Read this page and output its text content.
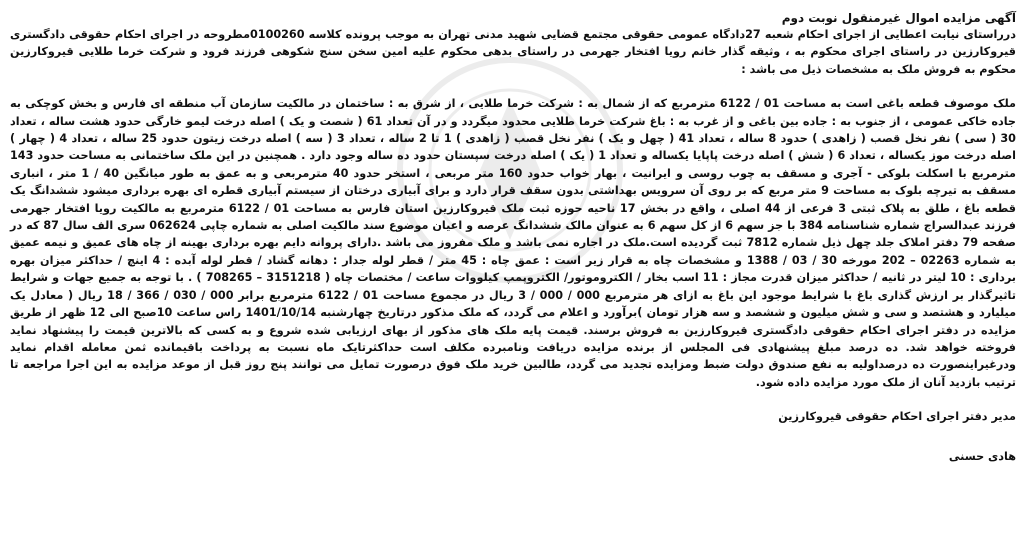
آگهی مزایده اموال غیرمنقول نوبت دوم

درراستای نیابت اعطایی از اجرای احکام شعبه 27دادگاه عمومی حقوقی مجتمع قضایی شهید مدنی تهران به موجب پرونده کلاسه 0100260مطروحه در اجرای احکام حقوقی دادگستری قیروکارزین در راستای اجرای محکوم به ، وثیقه گذار خانم رویا افتخار جهرمی در راستای بدهی محکوم علیه امین سخن سنج شکوهی فرزند فرود و شرکت خرما طلایی قیروکارزین محکوم به فروش ملک به مشخصات ذیل می باشد :

ملک موصوف قطعه باغی است به مساحت 01 / 6122 مترمربع که از شمال به : شرکت خرما طلایی ، از شرق به : ساختمان در مالکیت سازمان آب منطقه ای فارس و بخش کوچکی به جاده خاکی عمومی ، از جنوب به : جاده بین باغی و از غرب به : باغ شرکت خرما طلایی محدود میگردد و در آن تعداد 61 ( شصت و یک ) اصله درخت لیمو خارگی حدود هشت ساله ، تعداد 30 ( سی ) نفر نخل قصب ( زاهدی ) حدود 8 ساله ، تعداد 41 ( چهل و یک ) نفر نخل قصب ( زاهدی ) 1 تا 2 ساله ، تعداد 3 ( سه ) اصله درخت زیتون حدود 25 ساله ، تعداد 4 ( چهار ) اصله درخت موز یکساله ، تعداد 6 ( شش ) اصله درخت پاپایا یکساله و تعداد 1 ( یک ) اصله درخت سپستان حدود ده ساله وجود دارد . همچنین در این ملک ساختمانی به مساحت حدود 143 مترمربع با اسکلت بلوکی - آجری و مسقف به چوب روسی و ایرانیت ، بهار خواب حدود 160 متر مربعی ، استخر حدود 40 مترمربعی و به عمق به طور میانگین 40 / 1 متر ، انباری مسقف به تیرچه بلوک به مساحت 9 متر مربع که بر روی آن سرویس بهداشتی بدون سقف قرار دارد و برای آبیاری درختان از سیستم آبیاری قطره ای بهره برداری میشود ششدانگ یک قطعه باغ ، طلق به پلاک ثبتی 3 فرعی از 44 اصلی ، واقع در بخش 17 ناحیه حوزه ثبت ملک قیروکارزین استان فارس به مساحت 01 / 6122 مترمربع به مالکیت رویا افتخار جهرمی فرزند عبدالسراج شماره شناسنامه 384 با جز سهم 6 از کل سهم 6 به عنوان مالک ششدانگ عرصه و اعیان موضوع سند مالکیت اصلی به شماره چاپی 062624 سری الف سال 87 که در صفحه 79 دفتر املاک جلد چهل ذیل شماره 7812 ثبت گردیده است.ملک در اجاره نمی باشد و ملک مفروز می باشد .دارای پروانه دایم بهره برداری بهینه از چاه های عمیق و نیمه عمیق به شماره 02263 – 202 مورخه 30 / 03 / 1388 و مشخصات چاه به قرار زیر است : عمق چاه : 45 متر / قطر لوله جدار : دهانه گشاد / قطر لوله آبده : 4 اینچ / حداکثر میزان بهره برداری : 10 لیتر در ثانیه / حداکثر میزان قدرت مجاز : 11 اسب بخار / الکتروموتور/ الکتروپمپ کیلووات ساعت / مختصات چاه ( 3151218 – 708265 ) . با توجه به جمیع جهات و شرایط تاثیرگذار بر ارزش گذاری باغ با شرایط موجود این باغ به ازای هر مترمربع 000 / 000 / 3 ریال در مجموع مساحت 01 / 6122 مترمربع برابر 000 / 030 / 366 / 18 ریال ( معادل یک میلیارد و هشتصد و سی و شش میلیون و ششصد و سه هزار تومان )برآورد و اعلام می گردد، که ملک مذکور درتاریخ چهارشنبه 1401/10/14 راس ساعت 10صبح الی 12 ظهر از طریق مزایده در دفتر اجرای احکام حقوقی دادگستری قیروکارزین به فروش برسند. قیمت پایه ملک های مذکور از بهای ارزیابی شده شروع و به کسی که بالاترین قیمت را پیشنهاد نماید فروخته خواهد شد. ده درصد مبلغ پیشنهادی فی المجلس از برنده مزایده دریافت ونامبرده مکلف است حداکثرتایک ماه نسبت به پرداخت باقیمانده ثمن معامله اقدام نماید ودرغیراینصورت ده درصداولیه به نفع صندوق دولت ضبط ومزایده تجدید می گردد، طالبین خرید ملک فوق درصورت تمایل می توانند پنج روز قبل از موعد مزایده به این اجرا مراجعه تا ترتیب بازدید آنان از ملک مورد مزایده داده شود.

مدیر دفتر اجرای احکام حقوقی قیروکارزین

هادی حسنی
